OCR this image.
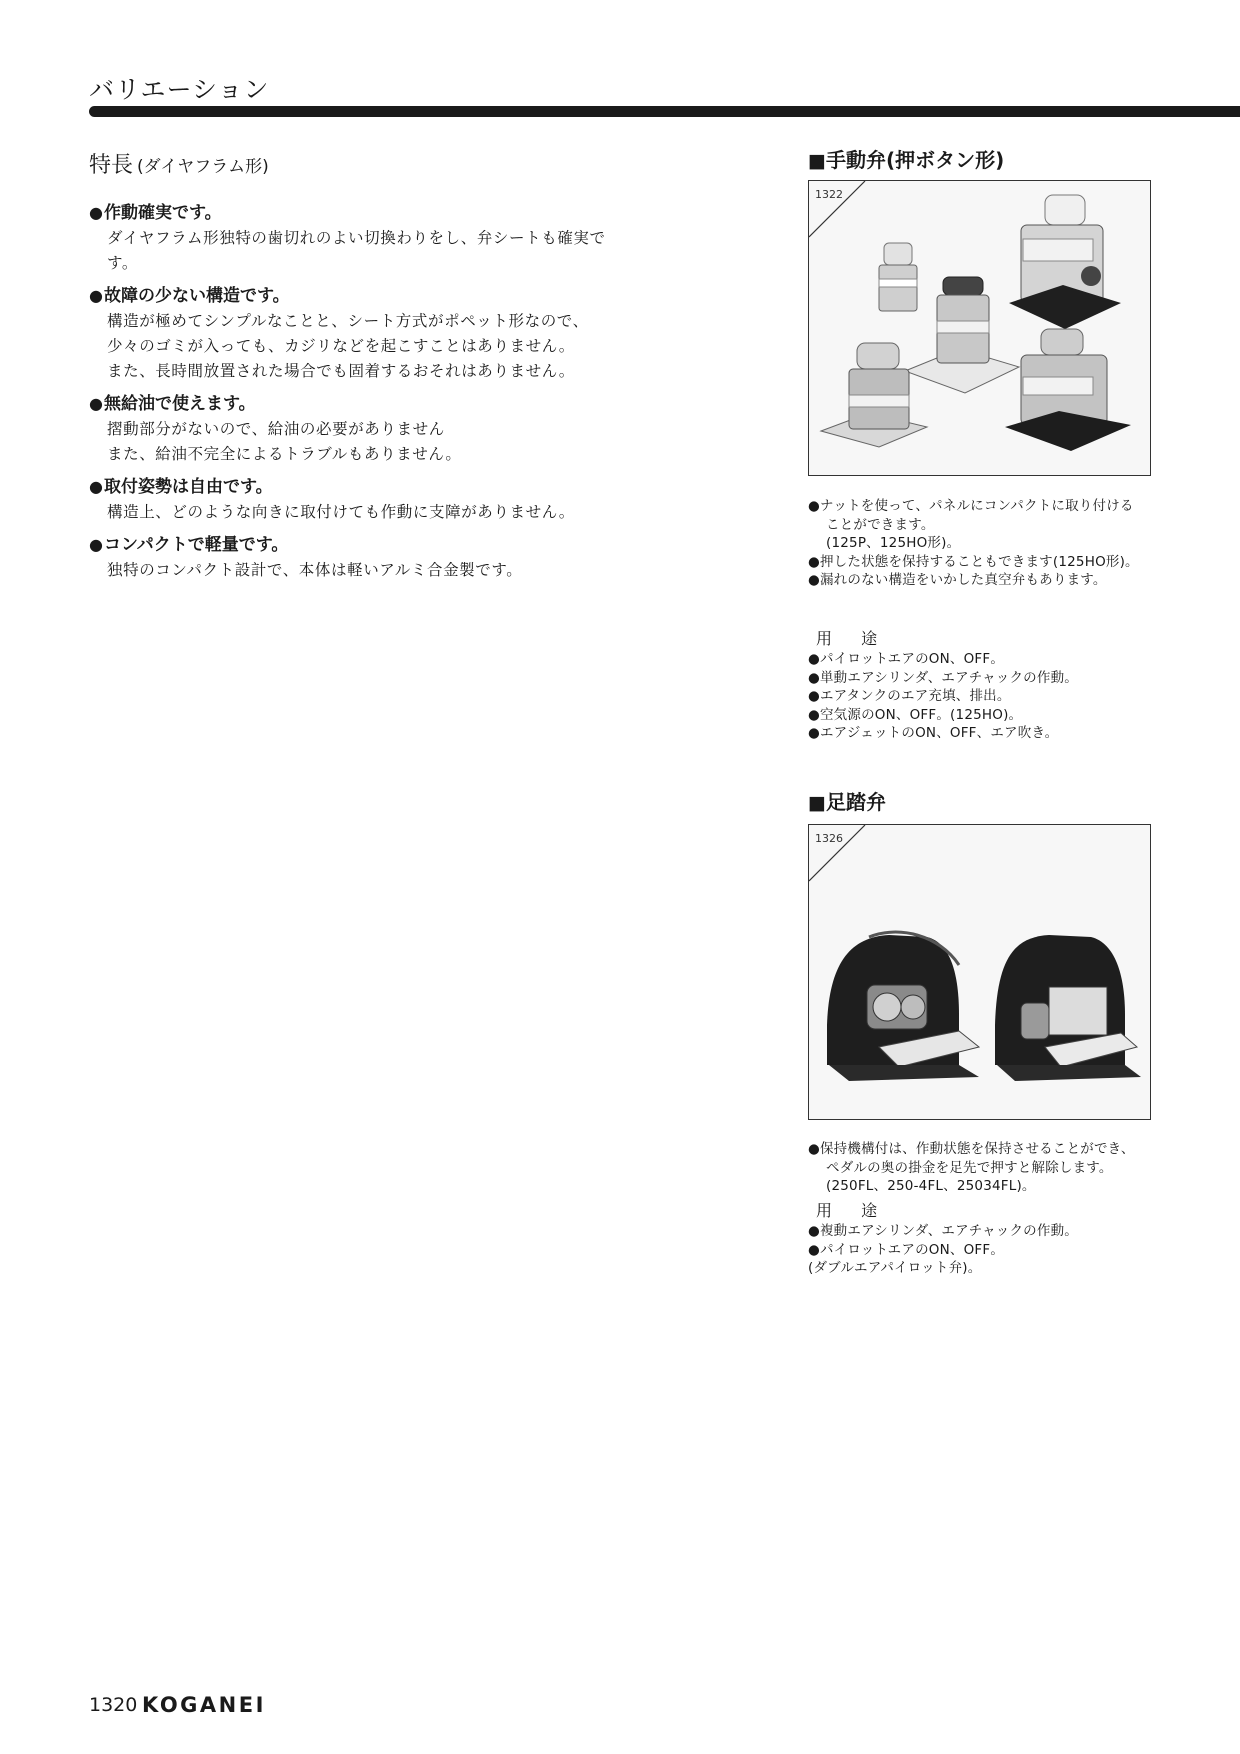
バリエーション
特長 (ダイヤフラム形)
●作動確実です。
ダイヤフラム形独特の歯切れのよい切換わりをし、弁シートも確実で
す。
●故障の少ない構造です。
構造が極めてシンプルなことと、シート方式がポペット形なので、
少々のゴミが入っても、カジリなどを起こすことはありません。
また、長時間放置された場合でも固着するおそれはありません。
●無給油で使えます。
摺動部分がないので、給油の必要がありません
また、給油不完全によるトラブルもありません。
●取付姿勢は自由です。
構造上、どのような向きに取付けても作動に支障がありません。
●コンパクトで軽量です。
独特のコンパクト設計で、本体は軽いアルミ合金製です。
■手動弁(押ボタン形)
1322
●ナットを使って、パネルにコンパクトに取り付ける
ことができます。
(125P、125HO形)。
●押した状態を保持することもできます(125HO形)。
●漏れのない構造をいかした真空弁もあります。
用 途
●パイロットエアのON、OFF。
●単動エアシリンダ、エアチャックの作動。
●エアタンクのエア充填、排出。
●空気源のON、OFF。(125HO)。
●エアジェットのON、OFF、エア吹き。
■足踏弁
1326
●保持機構付は、作動状態を保持させることができ、
ペダルの奥の掛金を足先で押すと解除します。
(250FL、250-4FL、25034FL)。
用 途
●複動エアシリンダ、エアチャックの作動。
●パイロットエアのON、OFF。
(ダブルエアパイロット弁)。
1320 KOGANEI
